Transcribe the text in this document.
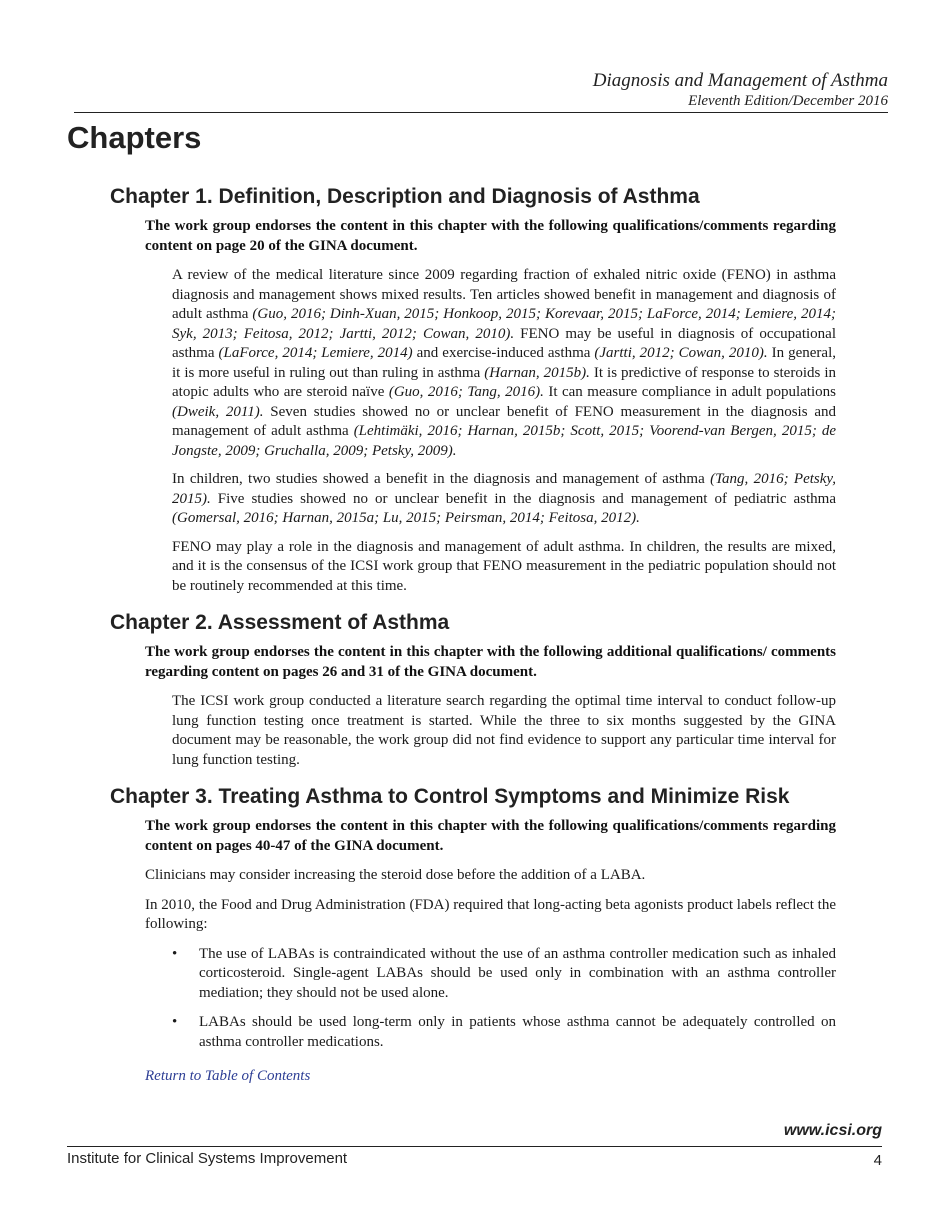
Diagnosis and Management of Asthma
Eleventh Edition/December 2016
Chapters
Chapter 1. Definition, Description and Diagnosis of Asthma

The work group endorses the content in this chapter with the following qualifications/comments regarding content on page 20 of the GINA document.

A review of the medical literature since 2009 regarding fraction of exhaled nitric oxide (FENO) in asthma diagnosis and management shows mixed results. Ten articles showed benefit in management and diagnosis of adult asthma (Guo, 2016; Dinh-Xuan, 2015; Honkoop, 2015; Korevaar, 2015; LaForce, 2014; Lemiere, 2014; Syk, 2013; Feitosa, 2012; Jartti, 2012; Cowan, 2010). FENO may be useful in diagnosis of occupational asthma (LaForce, 2014; Lemiere, 2014) and exercise-induced asthma (Jartti, 2012; Cowan, 2010). In general, it is more useful in ruling out than ruling in asthma (Harnan, 2015b). It is predictive of response to steroids in atopic adults who are steroid naïve (Guo, 2016; Tang, 2016). It can measure compliance in adult populations (Dweik, 2011). Seven studies showed no or unclear benefit of FENO measurement in the diagnosis and management of adult asthma (Lehtimäki, 2016; Harnan, 2015b; Scott, 2015; Voorend-van Bergen, 2015; de Jongste, 2009; Gruchalla, 2009; Petsky, 2009).

In children, two studies showed a benefit in the diagnosis and management of asthma (Tang, 2016; Petsky, 2015). Five studies showed no or unclear benefit in the diagnosis and management of pediatric asthma (Gomersal, 2016; Harnan, 2015a; Lu, 2015; Peirsman, 2014; Feitosa, 2012).

FENO may play a role in the diagnosis and management of adult asthma. In children, the results are mixed, and it is the consensus of the ICSI work group that FENO measurement in the pediatric population should not be routinely recommended at this time.

Chapter 2. Assessment of Asthma

The work group endorses the content in this chapter with the following additional qualifications/ comments regarding content on pages 26 and 31 of the GINA document.

The ICSI work group conducted a literature search regarding the optimal time interval to conduct follow-up lung function testing once treatment is started. While the three to six months suggested by the GINA document may be reasonable, the work group did not find evidence to support any particular time interval for lung function testing.

Chapter 3. Treating Asthma to Control Symptoms and Minimize Risk

The work group endorses the content in this chapter with the following qualifications/comments regarding content on pages 40-47 of the GINA document.

Clinicians may consider increasing the steroid dose before the addition of a LABA.

In 2010, the Food and Drug Administration (FDA) required that long-acting beta agonists product labels reflect the following:

• The use of LABAs is contraindicated without the use of an asthma controller medication such as inhaled corticosteroid. Single-agent LABAs should be used only in combination with an asthma controller mediation; they should not be used alone.
• LABAs should be used long-term only in patients whose asthma cannot be adequately controlled on asthma controller medications.
Return to Table of Contents
www.icsi.org
Institute for Clinical Systems Improvement	4
